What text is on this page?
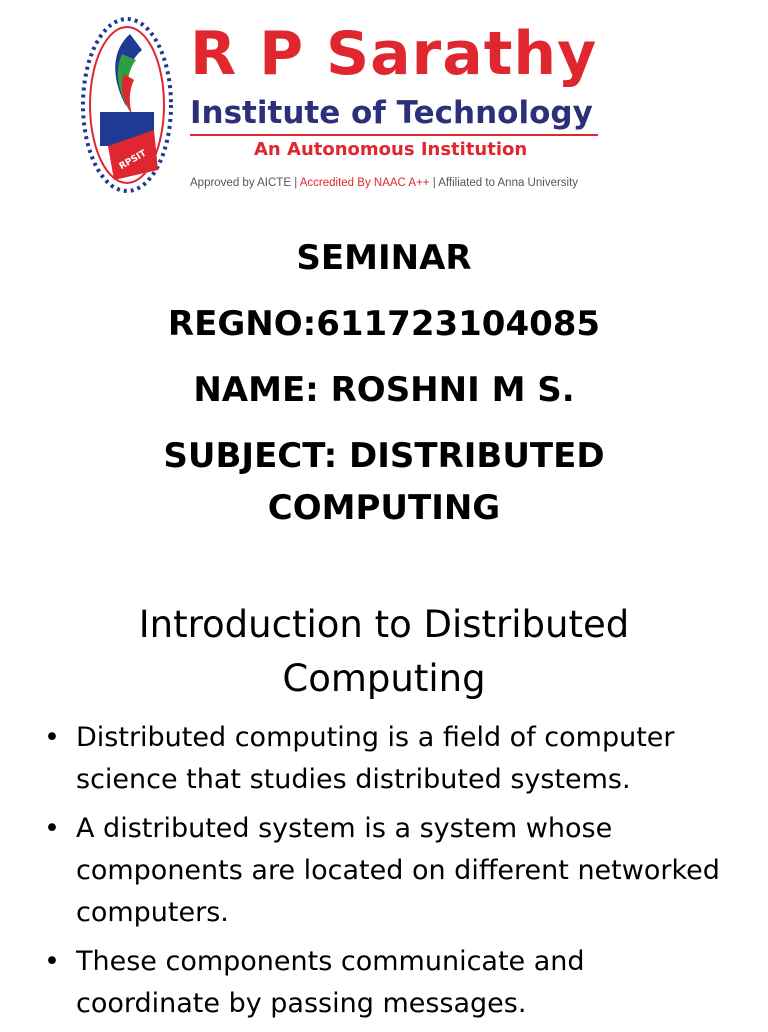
RPSIT
R P Sarathy
Institute of Technology
An Autonomous Institution
Approved by AICTE | Accredited By NAAC A++ | Affiliated to Anna University
SEMINAR
REGNO:611723104085
NAME: ROSHNI M S.
SUBJECT: DISTRIBUTED COMPUTING
Introduction to Distributed Computing
• Distributed computing is a field of computer science that studies distributed systems.
• A distributed system is a system whose components are located on different networked computers.
• These components communicate and coordinate by passing messages.
